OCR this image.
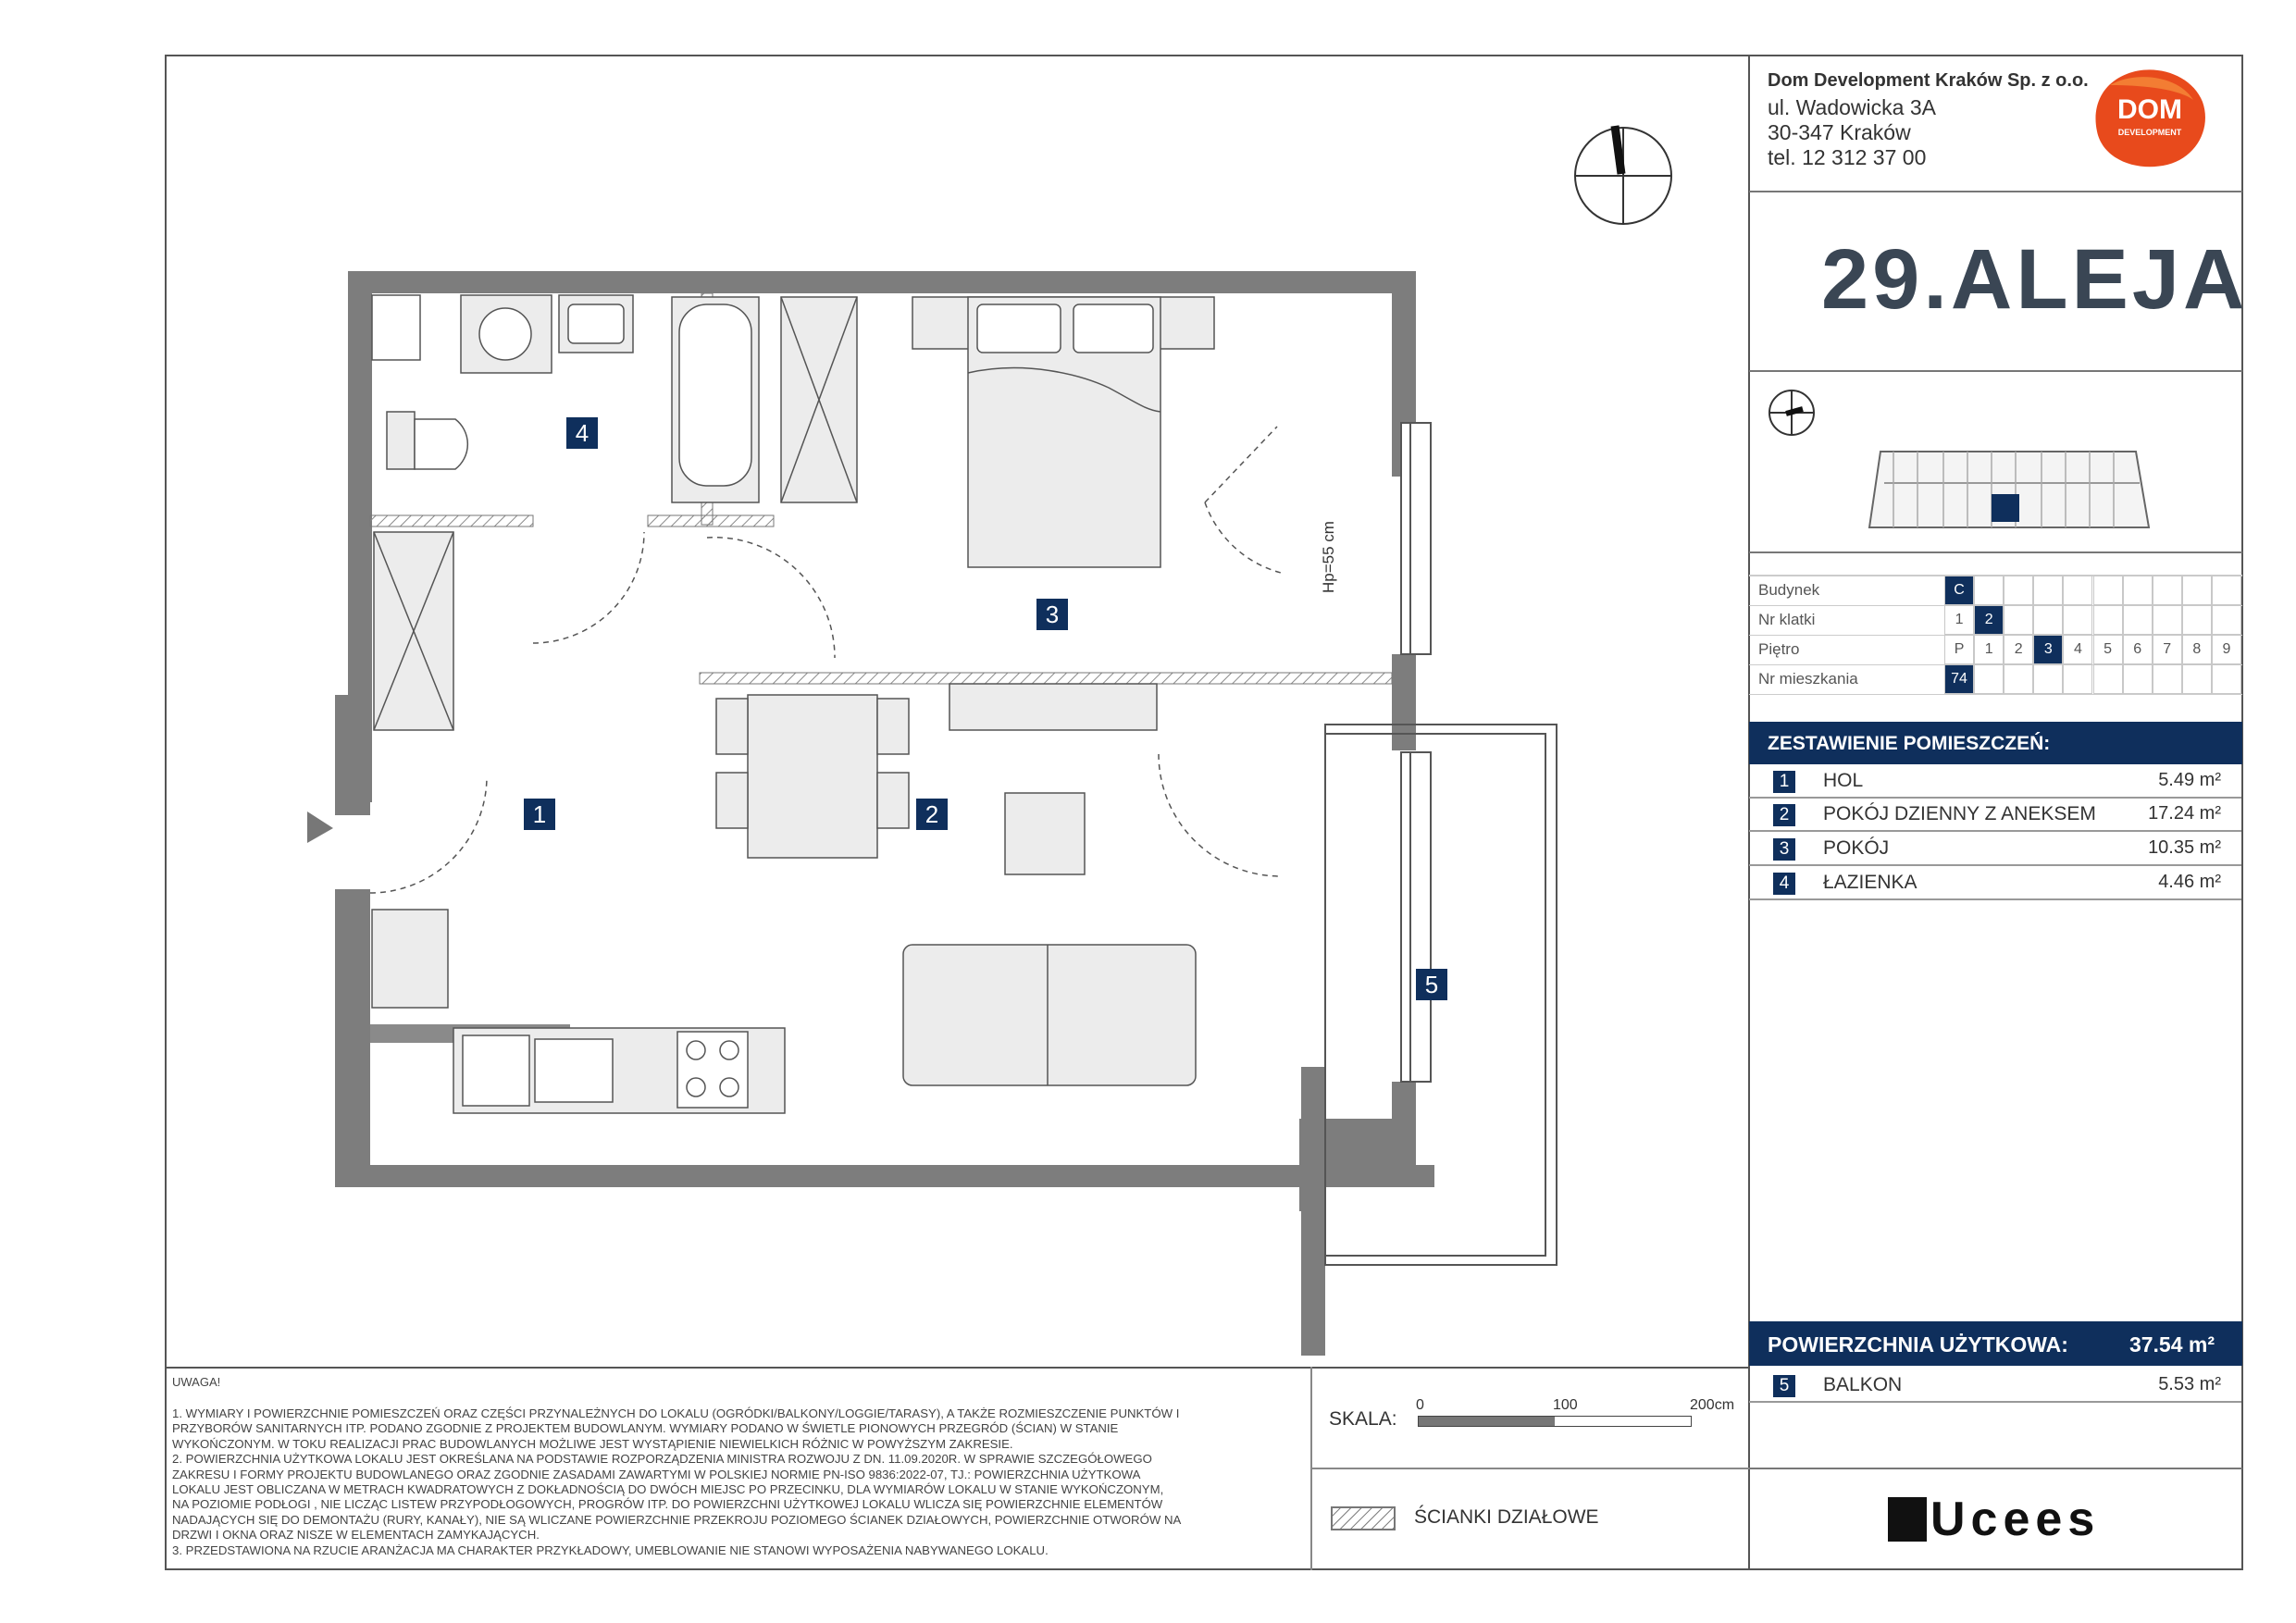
Dom Development Kraków Sp. z o.o.
ul. Wadowicka 3A
30-347 Kraków
tel. 12 312 37 00
DOM
DEVELOPMENT
29.ALEJA
Budynek	C
Nr klatki	1	2
Piętro	P	1	2	3	4	5	6	7	8	9
Nr mieszkania	74
ZESTAWIENIE POMIESZCZEŃ:
1	HOL	5.49 m²
2	POKÓJ DZIENNY Z ANEKSEM	17.24 m²
3	POKÓJ	10.35 m²
4	ŁAZIENKA	4.46 m²
POWIERZCHNIA UŻYTKOWA:	37.54 m²
5	BALKON	5.53 m²
Ucees
SKALA:
0	100	200cm
ŚCIANKI DZIAŁOWE
UWAGA!
1. WYMIARY I POWIERZCHNIE POMIESZCZEŃ ORAZ CZĘŚCI PRZYNALEŻNYCH DO LOKALU (OGRÓDKI/BALKONY/LOGGIE/TARASY), A TAKŻE ROZMIESZCZENIE PUNKTÓW I
PRZYBORÓW SANITARNYCH ITP. PODANO ZGODNIE Z PROJEKTEM BUDOWLANYM. WYMIARY PODANO W ŚWIETLE PIONOWYCH PRZEGRÓD (ŚCIAN) W STANIE
WYKOŃCZONYM. W TOKU REALIZACJI PRAC BUDOWLANYCH MOŻLIWE JEST WYSTĄPIENIE NIEWIELKICH RÓŻNIC W POWYŻSZYM ZAKRESIE.
2. POWIERZCHNIA UŻYTKOWA LOKALU JEST OKREŚLANA NA PODSTAWIE ROZPORZĄDZENIA MINISTRA ROZWOJU Z DN. 11.09.2020R. W SPRAWIE SZCZEGÓŁOWEGO
ZAKRESU I FORMY PROJEKTU BUDOWLANEGO ORAZ ZGODNIE ZASADAMI ZAWARTYMI W POLSKIEJ NORMIE PN-ISO 9836:2022-07, TJ.: POWIERZCHNIA UŻYTKOWA
LOKALU JEST OBLICZANA W METRACH KWADRATOWYCH Z DOKŁADNOŚCIĄ DO DWÓCH MIEJSC PO PRZECINKU, DLA WYMIARÓW LOKALU W STANIE WYKOŃCZONYM,
NA POZIOMIE PODŁOGI , NIE LICZĄC LISTEW PRZYPODŁOGOWYCH, PROGRÓW ITP. DO POWIERZCHNI UŻYTKOWEJ LOKALU WLICZA SIĘ POWIERZCHNIE ELEMENTÓW
NADAJĄCYCH SIĘ DO DEMONTAŻU (RURY, KANAŁY), NIE SĄ WLICZANE POWIERZCHNIE PRZEKROJU POZIOMEGO ŚCIANEK DZIAŁOWYCH, POWIERZCHNIE OTWORÓW NA
DRZWI I OKNA ORAZ NISZE W ELEMENTACH ZAMYKAJĄCYCH.
3. PRZEDSTAWIONA NA RZUCIE ARANŻACJA MA CHARAKTER PRZYKŁADOWY, UMEBLOWANIE NIE STANOWI WYPOSAŻENIA NABYWANEGO LOKALU.
4
3
1	2
5
Hp=55 cm
